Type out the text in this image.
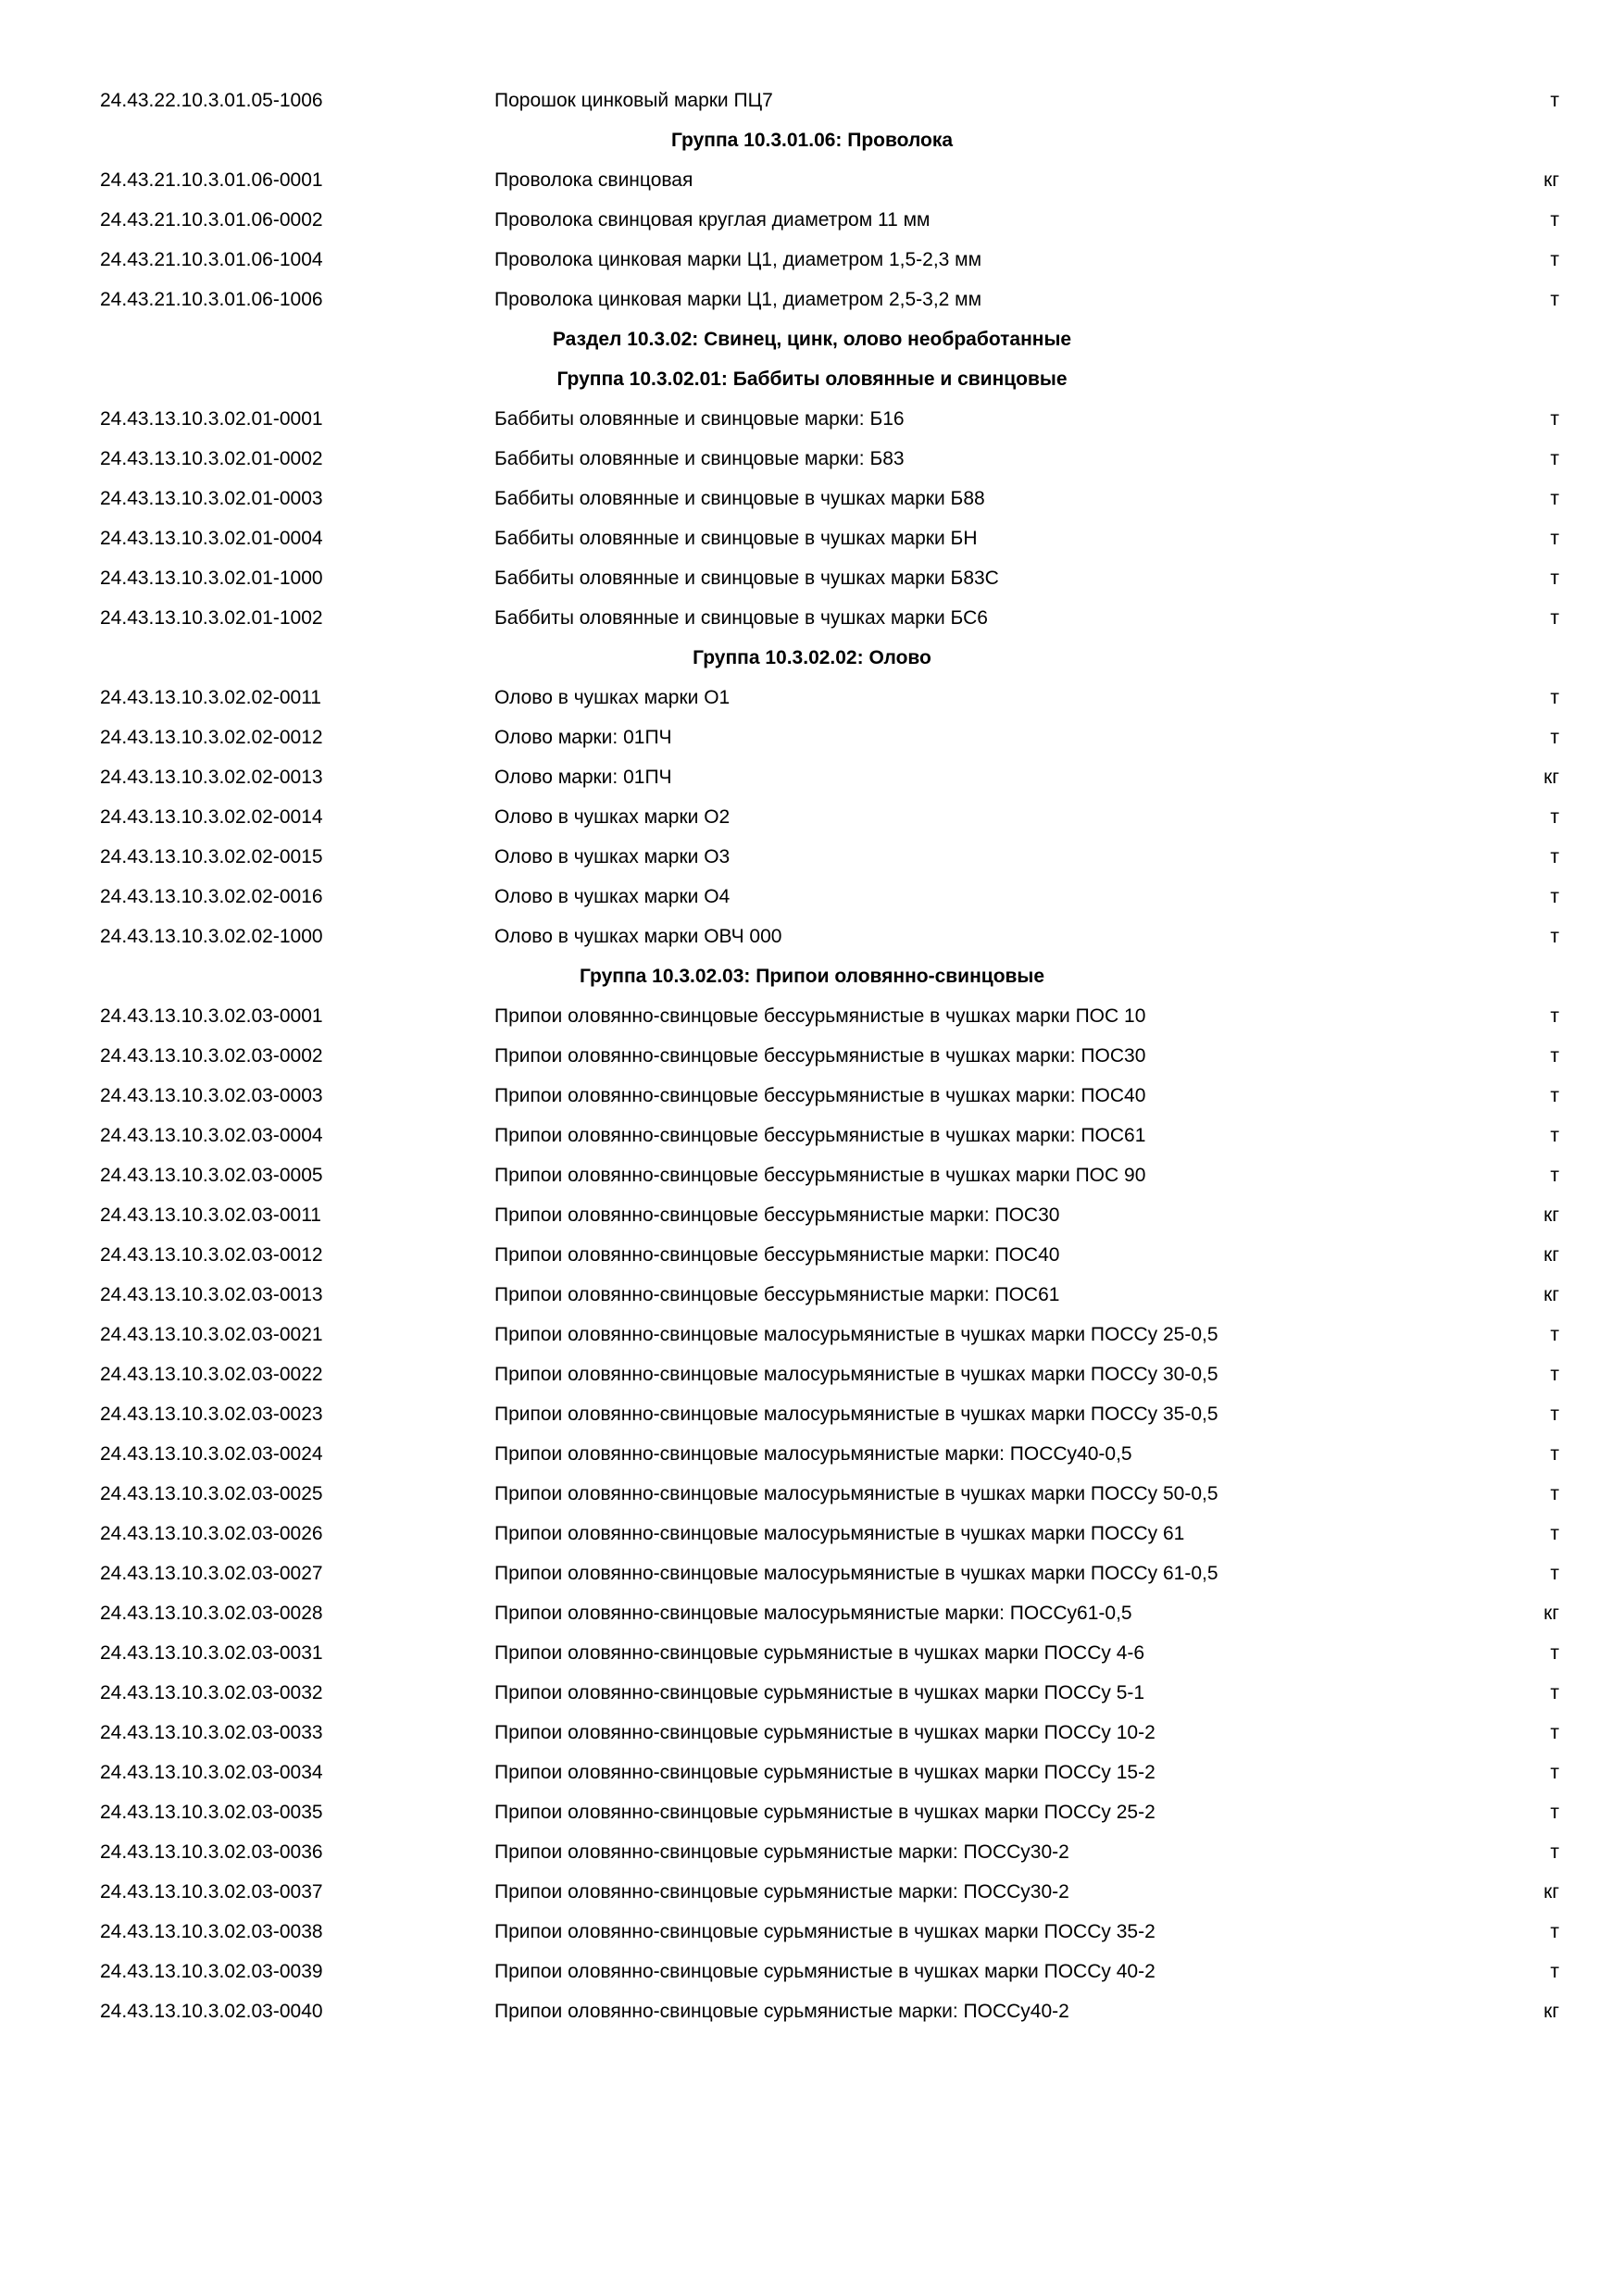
24.43.22.10.3.01.05-1006	Порошок цинковый марки ПЦ7	т
Группа 10.3.01.06: Проволока
24.43.21.10.3.01.06-0001	Проволока свинцовая	кг
24.43.21.10.3.01.06-0002	Проволока свинцовая круглая диаметром 11 мм	т
24.43.21.10.3.01.06-1004	Проволока цинковая марки Ц1, диаметром 1,5-2,3 мм	т
24.43.21.10.3.01.06-1006	Проволока цинковая марки Ц1, диаметром 2,5-3,2 мм	т
Раздел 10.3.02: Свинец, цинк, олово необработанные
Группа 10.3.02.01: Баббиты оловянные и свинцовые
24.43.13.10.3.02.01-0001	Баббиты оловянные и свинцовые марки: Б16	т
24.43.13.10.3.02.01-0002	Баббиты оловянные и свинцовые марки: Б83	т
24.43.13.10.3.02.01-0003	Баббиты оловянные и свинцовые в чушках марки Б88	т
24.43.13.10.3.02.01-0004	Баббиты оловянные и свинцовые в чушках марки БН	т
24.43.13.10.3.02.01-1000	Баббиты оловянные и свинцовые в чушках марки Б83С	т
24.43.13.10.3.02.01-1002	Баббиты оловянные и свинцовые в чушках марки БС6	т
Группа 10.3.02.02: Олово
24.43.13.10.3.02.02-0011	Олово в чушках марки О1	т
24.43.13.10.3.02.02-0012	Олово марки: 01ПЧ	т
24.43.13.10.3.02.02-0013	Олово марки: 01ПЧ	кг
24.43.13.10.3.02.02-0014	Олово в чушках марки О2	т
24.43.13.10.3.02.02-0015	Олово в чушках марки О3	т
24.43.13.10.3.02.02-0016	Олово в чушках марки О4	т
24.43.13.10.3.02.02-1000	Олово в чушках марки ОВЧ 000	т
Группа 10.3.02.03: Припои оловянно-свинцовые
24.43.13.10.3.02.03-0001	Припои оловянно-свинцовые бессурьмянистые в чушках марки ПОС 10	т
24.43.13.10.3.02.03-0002	Припои оловянно-свинцовые бессурьмянистые в чушках марки: ПОС30	т
24.43.13.10.3.02.03-0003	Припои оловянно-свинцовые бессурьмянистые в чушках марки: ПОС40	т
24.43.13.10.3.02.03-0004	Припои оловянно-свинцовые бессурьмянистые в чушках марки: ПОС61	т
24.43.13.10.3.02.03-0005	Припои оловянно-свинцовые бессурьмянистые в чушках марки ПОС 90	т
24.43.13.10.3.02.03-0011	Припои оловянно-свинцовые бессурьмянистые марки: ПОС30	кг
24.43.13.10.3.02.03-0012	Припои оловянно-свинцовые бессурьмянистые марки: ПОС40	кг
24.43.13.10.3.02.03-0013	Припои оловянно-свинцовые бессурьмянистые марки: ПОС61	кг
24.43.13.10.3.02.03-0021	Припои оловянно-свинцовые малосурьмянистые в чушках марки ПОССу 25-0,5	т
24.43.13.10.3.02.03-0022	Припои оловянно-свинцовые малосурьмянистые в чушках марки ПОССу 30-0,5	т
24.43.13.10.3.02.03-0023	Припои оловянно-свинцовые малосурьмянистые в чушках марки ПОССу 35-0,5	т
24.43.13.10.3.02.03-0024	Припои оловянно-свинцовые малосурьмянистые марки: ПОССу40-0,5	т
24.43.13.10.3.02.03-0025	Припои оловянно-свинцовые малосурьмянистые в чушках марки ПОССу 50-0,5	т
24.43.13.10.3.02.03-0026	Припои оловянно-свинцовые малосурьмянистые в чушках марки ПОССу 61	т
24.43.13.10.3.02.03-0027	Припои оловянно-свинцовые малосурьмянистые в чушках марки ПОССу 61-0,5	т
24.43.13.10.3.02.03-0028	Припои оловянно-свинцовые малосурьмянистые марки: ПОССу61-0,5	кг
24.43.13.10.3.02.03-0031	Припои оловянно-свинцовые сурьмянистые в чушках марки ПОССу 4-6	т
24.43.13.10.3.02.03-0032	Припои оловянно-свинцовые сурьмянистые в чушках марки ПОССу 5-1	т
24.43.13.10.3.02.03-0033	Припои оловянно-свинцовые сурьмянистые в чушках марки ПОССу 10-2	т
24.43.13.10.3.02.03-0034	Припои оловянно-свинцовые сурьмянистые в чушках марки ПОССу 15-2	т
24.43.13.10.3.02.03-0035	Припои оловянно-свинцовые сурьмянистые в чушках марки ПОССу 25-2	т
24.43.13.10.3.02.03-0036	Припои оловянно-свинцовые сурьмянистые марки: ПОССу30-2	т
24.43.13.10.3.02.03-0037	Припои оловянно-свинцовые сурьмянистые марки: ПОССу30-2	кг
24.43.13.10.3.02.03-0038	Припои оловянно-свинцовые сурьмянистые в чушках марки ПОССу 35-2	т
24.43.13.10.3.02.03-0039	Припои оловянно-свинцовые сурьмянистые в чушках марки ПОССу 40-2	т
24.43.13.10.3.02.03-0040	Припои оловянно-свинцовые сурьмянистые марки: ПОССу40-2	кг
